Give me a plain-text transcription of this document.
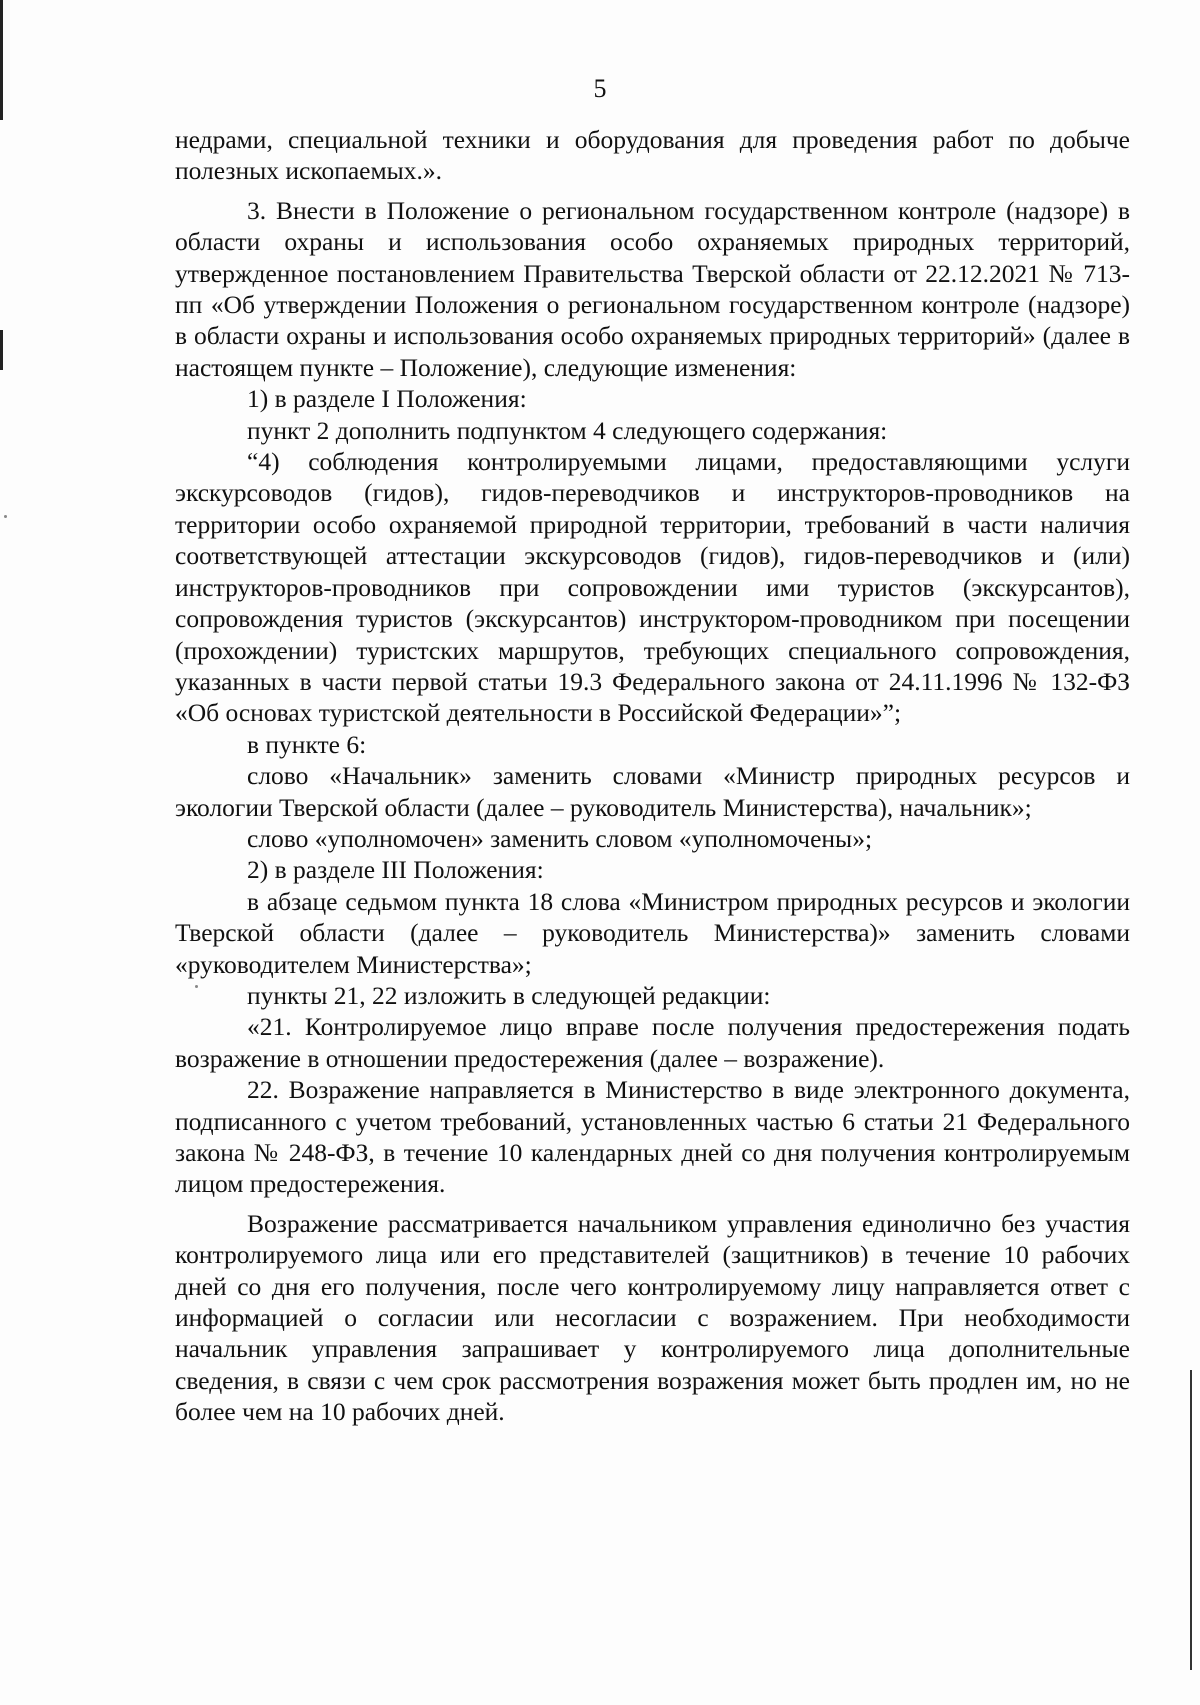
5

недрами, специальной техники и оборудования для проведения работ по добыче полезных ископаемых.».

3. Внести в Положение о региональном государственном контроле (надзоре) в области охраны и использования особо охраняемых природных территорий, утвержденное постановлением Правительства Тверской области от 22.12.2021 № 713-пп «Об утверждении Положения о региональном государственном контроле (надзоре) в области охраны и использования особо охраняемых природных территорий» (далее в настоящем пункте – Положение), следующие изменения:

1) в разделе I Положения:

пункт 2 дополнить подпунктом 4 следующего содержания:

“4) соблюдения контролируемыми лицами, предоставляющими услуги экскурсоводов (гидов), гидов-переводчиков и инструкторов-проводников на территории особо охраняемой природной территории, требований в части наличия соответствующей аттестации экскурсоводов (гидов), гидов-переводчиков и (или) инструкторов-проводников при сопровождении ими туристов (экскурсантов), сопровождения туристов (экскурсантов) инструктором-проводником при посещении (прохождении) туристских маршрутов, требующих специального сопровождения, указанных в части первой статьи 19.3 Федерального закона от 24.11.1996 № 132-ФЗ «Об основах туристской деятельности в Российской Федерации»”;

в пункте 6:

слово «Начальник» заменить словами «Министр природных ресурсов и экологии Тверской области (далее – руководитель Министерства), начальник»;

слово «уполномочен» заменить словом «уполномочены»;

2) в разделе III Положения:

в абзаце седьмом пункта 18 слова «Министром природных ресурсов и экологии Тверской области (далее – руководитель Министерства)» заменить словами «руководителем Министерства»;

пункты 21, 22 изложить в следующей редакции:

«21. Контролируемое лицо вправе после получения предостережения подать возражение в отношении предостережения (далее – возражение).

22. Возражение направляется в Министерство в виде электронного документа, подписанного с учетом требований, установленных частью 6 статьи 21 Федерального закона № 248-ФЗ, в течение 10 календарных дней со дня получения контролируемым лицом предостережения.

Возражение рассматривается начальником управления единолично без участия контролируемого лица или его представителей (защитников) в течение 10 рабочих дней со дня его получения, после чего контролируемому лицу направляется ответ с информацией о согласии или несогласии с возражением. При необходимости начальник управления запрашивает у контролируемого лица дополнительные сведения, в связи с чем срок рассмотрения возражения может быть продлен им, но не более чем на 10 рабочих дней.
